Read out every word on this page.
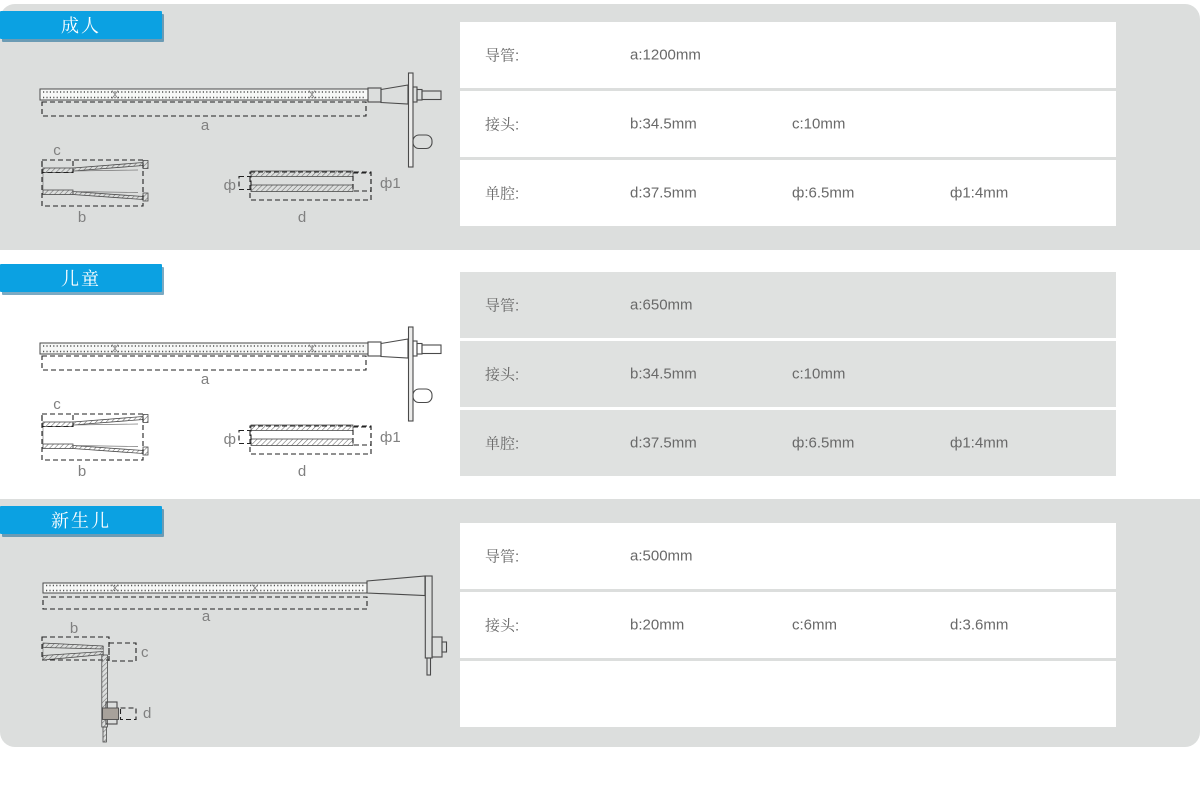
成人
a
c
b
ф	ф1
d
导管:	a:1200mm
接头:	b:34.5mm	c:10mm
单腔:	d:37.5mm	ф:6.5mm	ф1:4mm
儿童
a
c
b
ф	ф1
d
导管:	a:650mm
接头:	b:34.5mm	c:10mm
单腔:	d:37.5mm	ф:6.5mm	ф1:4mm
新生儿
a
b
c
d
导管:	a:500mm
接头:	b:20mm	c:6mm	d:3.6mm
